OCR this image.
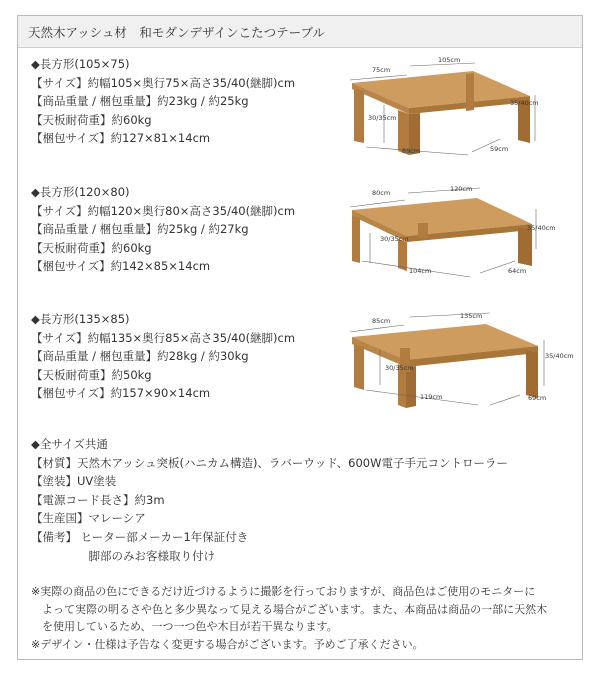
天然木アッシュ材　和モダンデザインこたつテーブル
◆長方形(105×75)
【サイズ】約幅105×奥行75×高さ35/40(継脚)cm
【商品重量 / 梱包重量】約23kg / 約25kg
【天板耐荷重】約60kg
【梱包サイズ】約127×81×14cm
◆長方形(120×80)
【サイズ】約幅120×奥行80×高さ35/40(継脚)cm
【商品重量 / 梱包重量】約25kg / 約27kg
【天板耐荷重】約60kg
【梱包サイズ】約142×85×14cm
◆長方形(135×85)
【サイズ】約幅135×奥行85×高さ35/40(継脚)cm
【商品重量 / 梱包重量】約28kg / 約30kg
【天板耐荷重】約50kg
【梱包サイズ】約157×90×14cm
◆全サイズ共通
【材質】天然木アッシュ突板(ハニカム構造)、ラバーウッド、600W電子手元コントローラー
【塗装】UV塗装
【電源コード長さ】約3m
【生産国】マレーシア
【備考】 ヒーター部メーカー1年保証付き
　　　　　脚部のみお客様取り付け
※実際の商品の色にできるだけ近づけるように撮影を行っておりますが、商品色はご使用のモニターに
　よって実際の明るさや色と多少異なって見える場合がございます。また、本商品は商品の一部に天然木
　を使用しているため、一つ一つ色や木目が若干異なります。
※デザイン・仕様は予告なく変更する場合がございます。予めご了承ください。
75cm
105cm
35/40cm
30/35cm
89cm	59cm
80cm	120cm
35/40cm
30/35cm
104cm	64cm
85cm
135cm
35/40cm
30/35cm
119cm	69cm
